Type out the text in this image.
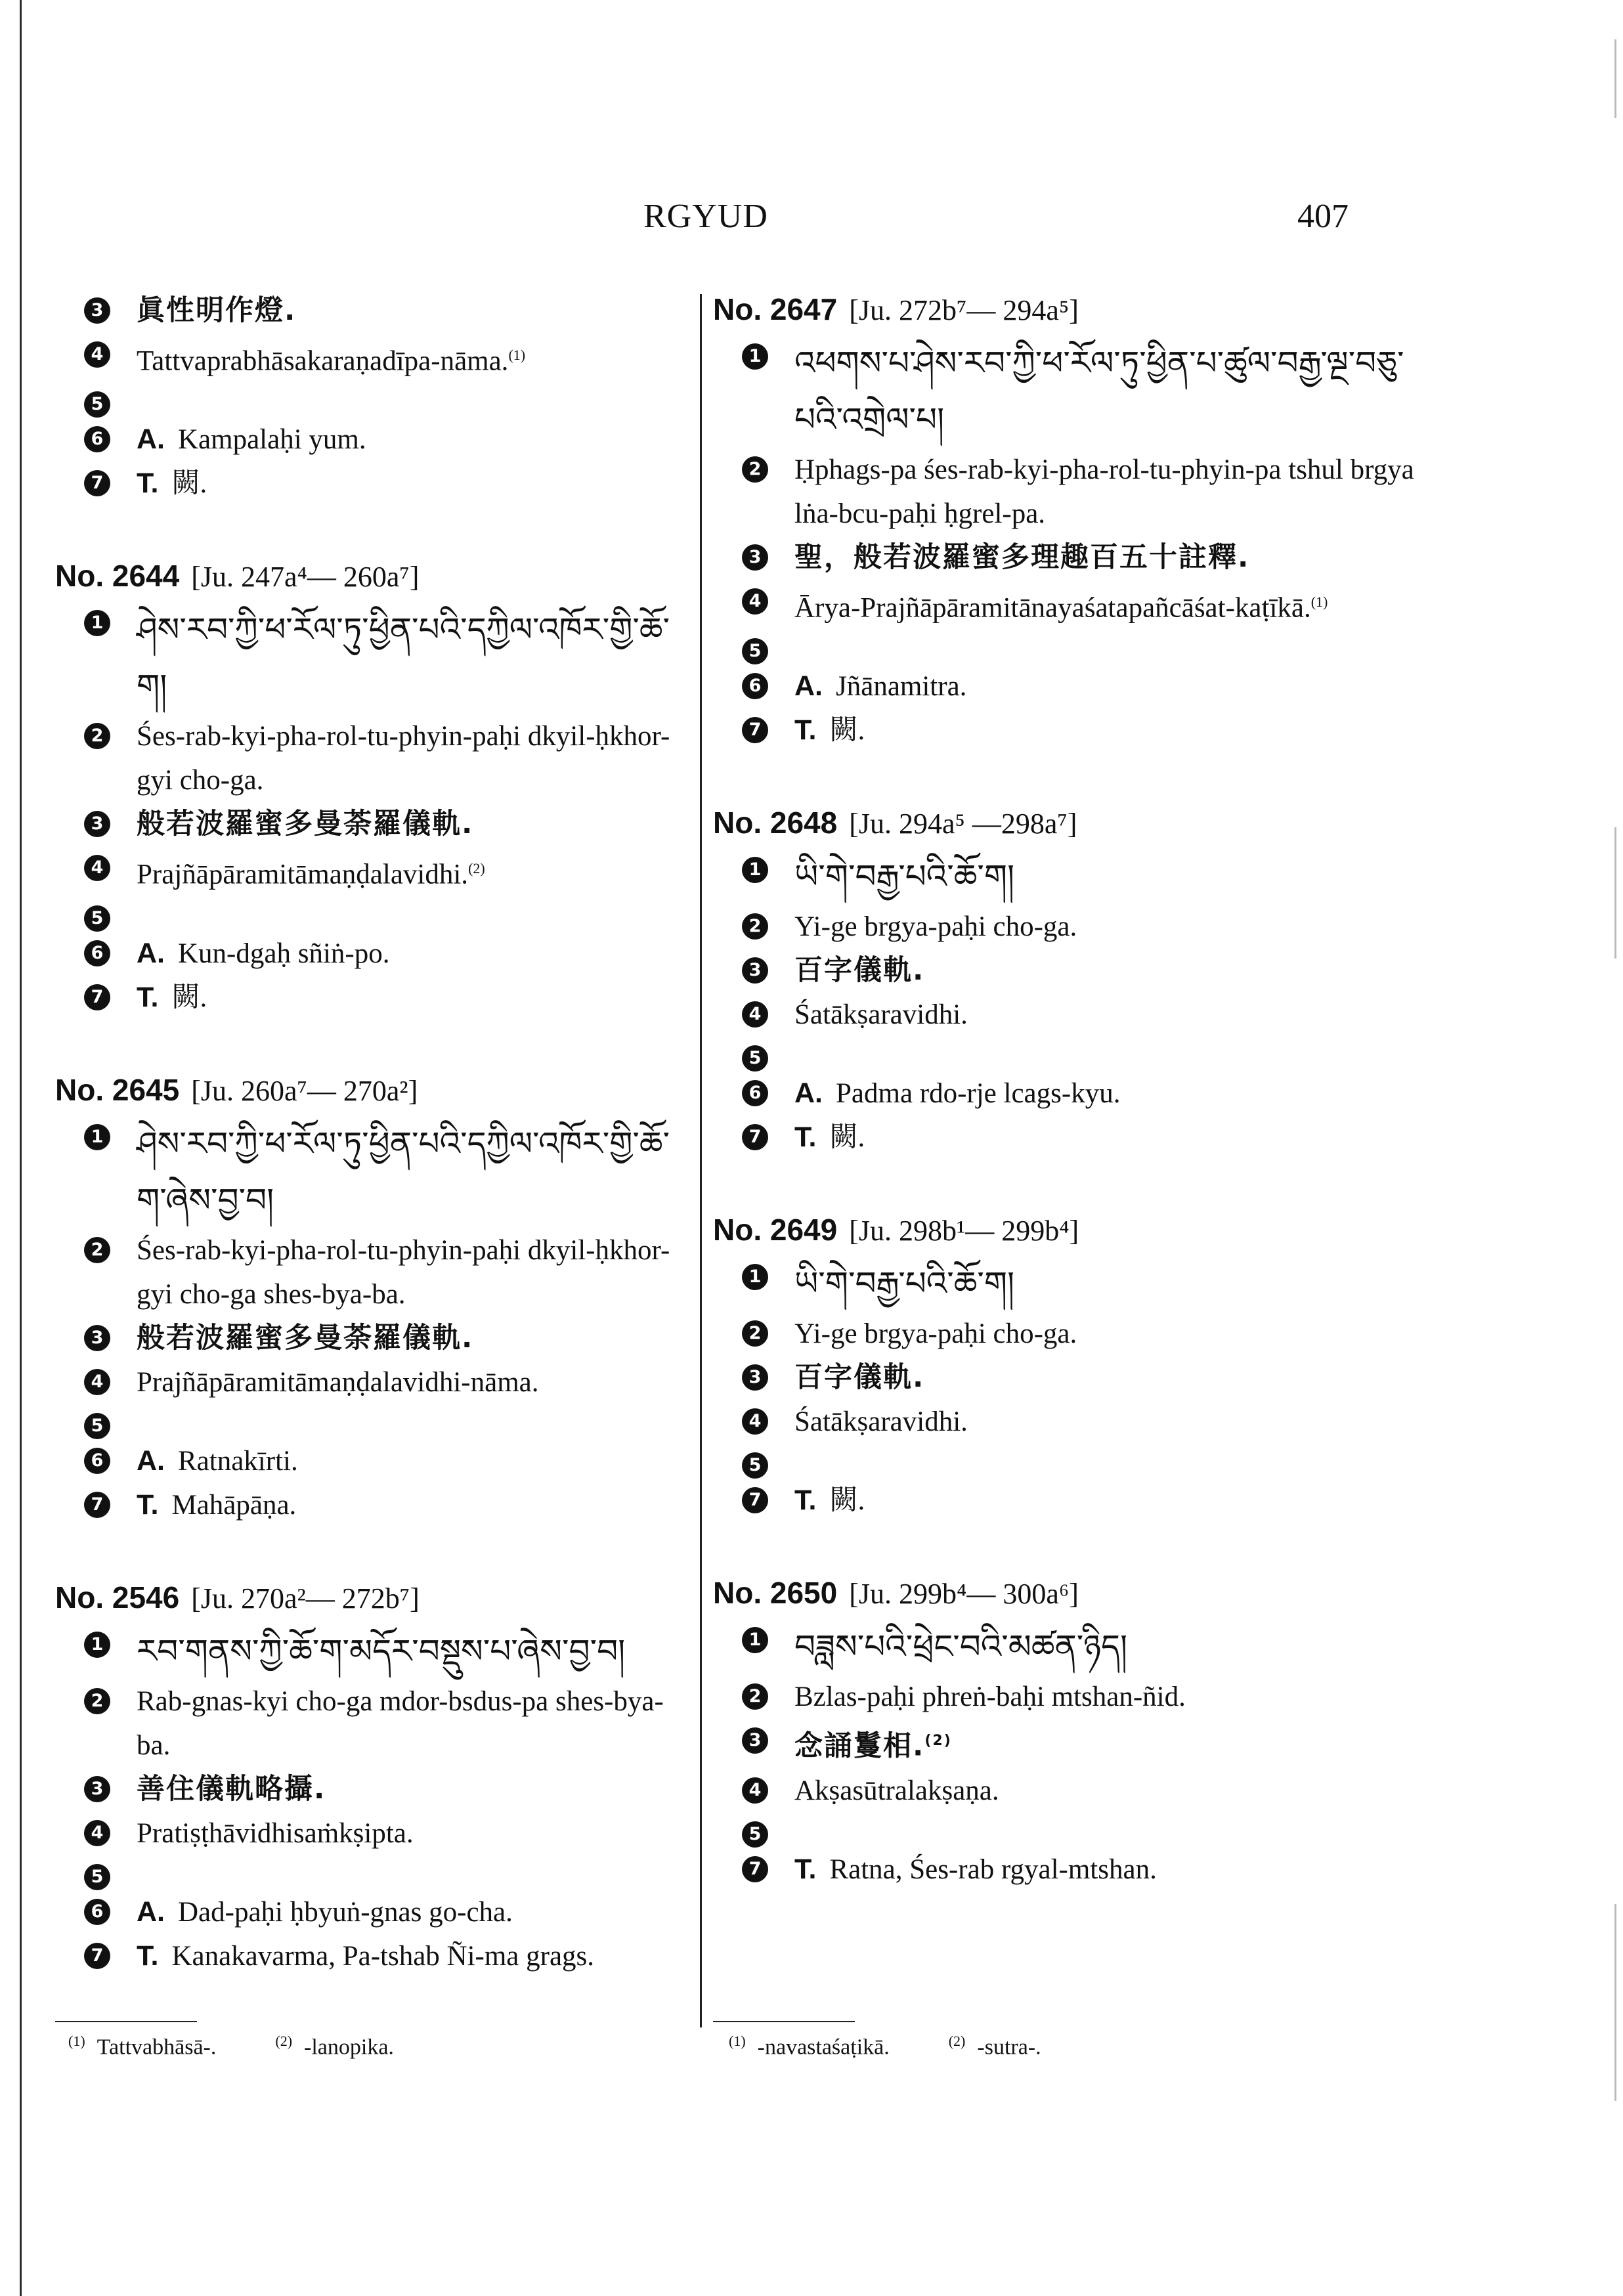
RGYUD	407
3 眞性明作燈.
4 Tattvaprabhāsakaraṇadīpa-nāma.$^{(1)}$
5
6 A. Kampalaḥi yum.
7 T. 闕.
No. 2644 [Ju. 247a⁴— 260a⁷]
1 ཤེས་རབ་ཀྱི་ཕ་རོལ་ཏུ་ཕྱིན་པའི་དཀྱིལ་འཁོར་གྱི་ཆོ་ག།
2 Śes-rab-kyi-pha-rol-tu-phyin-paḥi dkyil-ḥkhor-gyi cho-ga.
3 般若波羅蜜多曼荼羅儀軌.
4 Prajñāpāramitāmaṇḍalavidhi.$^{(2)}$
5
6 A. Kun-dgaḥ sñiṅ-po.
7 T. 闕.
No. 2645 [Ju. 260a⁷— 270a²]
1 ཤེས་རབ་ཀྱི་ཕ་རོལ་ཏུ་ཕྱིན་པའི་དཀྱིལ་འཁོར་གྱི་ཆོ་ག་ཞེས་བྱ་བ།
2 Śes-rab-kyi-pha-rol-tu-phyin-paḥi dkyil-ḥkhor-gyi cho-ga shes-bya-ba.
3 般若波羅蜜多曼荼羅儀軌.
4 Prajñāpāramitāmaṇḍalavidhi-nāma.
5
6 A. Ratnakīrti.
7 T. Mahāpāṇa.
No. 2546 [Ju. 270a²— 272b⁷]
1 རབ་གནས་ཀྱི་ཆོ་ག་མདོར་བསྡུས་པ་ཞེས་བྱ་བ།
2 Rab-gnas-kyi cho-ga mdor-bsdus-pa shes-bya-ba.
3 善住儀軌略攝.
4 Pratiṣṭhāvidhisaṁkṣipta.
5
6 A. Dad-paḥi ḥbyuṅ-gnas go-cha.
7 T. Kanakavarma, Pa-tshab Ñi-ma grags.
No. 2647 [Ju. 272b⁷— 294a⁵]
1 འཕགས་པ་ཤེས་རབ་ཀྱི་ཕ་རོལ་ཏུ་ཕྱིན་པ་ཚུལ་བརྒྱ་ལྔ་བཅུ་པའི་འགྲེལ་པ།
2 Ḥphags-pa śes-rab-kyi-pha-rol-tu-phyin-pa tshul brgya lṅa-bcu-paḥi ḥgrel-pa.
3 聖，般若波羅蜜多理趣百五十註釋.
4 Ārya-Prajñāpāramitānayaśatapañcāśat-kaṭīkā.$^{(1)}$
5
6 A. Jñānamitra.
7 T. 闕.
No. 2648 [Ju. 294a⁵ —298a⁷]
1 ཡི་གེ་བརྒྱ་པའི་ཆོ་ག།
2 Yi-ge brgya-paḥi cho-ga.
3 百字儀軌.
4 Śatākṣaravidhi.
5
6 A. Padma rdo-rje lcags-kyu.
7 T. 闕.
No. 2649 [Ju. 298b¹— 299b⁴]
1 ཡི་གེ་བརྒྱ་པའི་ཆོ་ག།
2 Yi-ge brgya-paḥi cho-ga.
3 百字儀軌.
4 Śatākṣaravidhi.
5
7 T. 闕.
No. 2650 [Ju. 299b⁴— 300a⁶]
1 བཟླས་པའི་ཕྲེང་བའི་མཚན་ཉིད།
2 Bzlas-paḥi phreṅ-baḥi mtshan-ñid.
3 念誦鬘相.$^{(2)}$
4 Akṣasūtralakṣaṇa.
5
7 T. Ratna, Śes-rab rgyal-mtshan.
$^{(1)}$ Tattvabhāsā-.	$^{(2)}$ -lanopika.	$^{(1)}$ -navastaśaṭikā.	$^{(2)}$ -sutra-.
